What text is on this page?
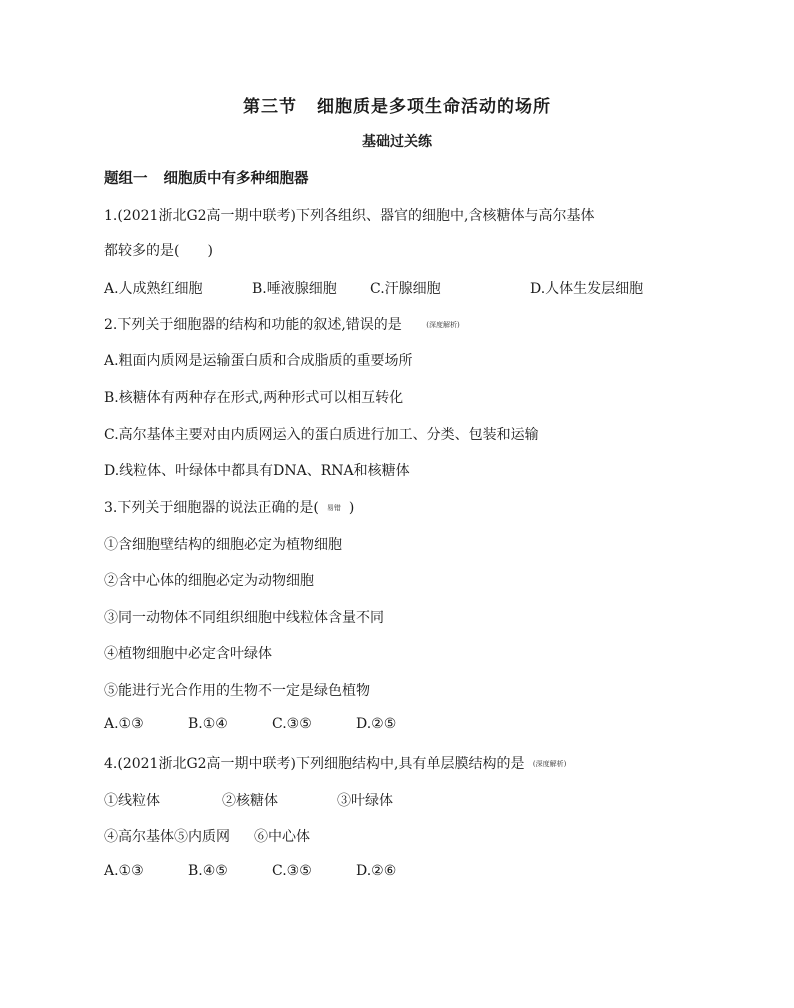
第三节 细胞质是多项生命活动的场所
基础过关练
题组一 细胞质中有多种细胞器
1.(2021浙北G2高一期中联考)下列各组织、器官的细胞中,含核糖体与高尔基体
都较多的是(　　)
A.人成熟红细胞	B.唾液腺细胞 C.汗腺细胞	D.人体生发层细胞
2.下列关于细胞器的结构和功能的叙述,错误的是	(深度解析)
A.粗面内质网是运输蛋白质和合成脂质的重要场所
B.核糖体有两种存在形式,两种形式可以相互转化
C.高尔基体主要对由内质网运入的蛋白质进行加工、分类、包装和运输
D.线粒体、叶绿体中都具有DNA、RNA和核糖体
3.下列关于细胞器的说法正确的是( 易错 )
①含细胞壁结构的细胞必定为植物细胞
②含中心体的细胞必定为动物细胞
③同一动物体不同组织细胞中线粒体含量不同
④植物细胞中必定含叶绿体
⑤能进行光合作用的生物不一定是绿色植物
A.①③	B.①④	C.③⑤	D.②⑤
4.(2021浙北G2高一期中联考)下列细胞结构中,具有单层膜结构的是 (深度解析)
①线粒体	②核糖体	③叶绿体
④高尔基体⑤内质网 ⑥中心体
A.①③	B.④⑤	C.③⑤	D.②⑥
